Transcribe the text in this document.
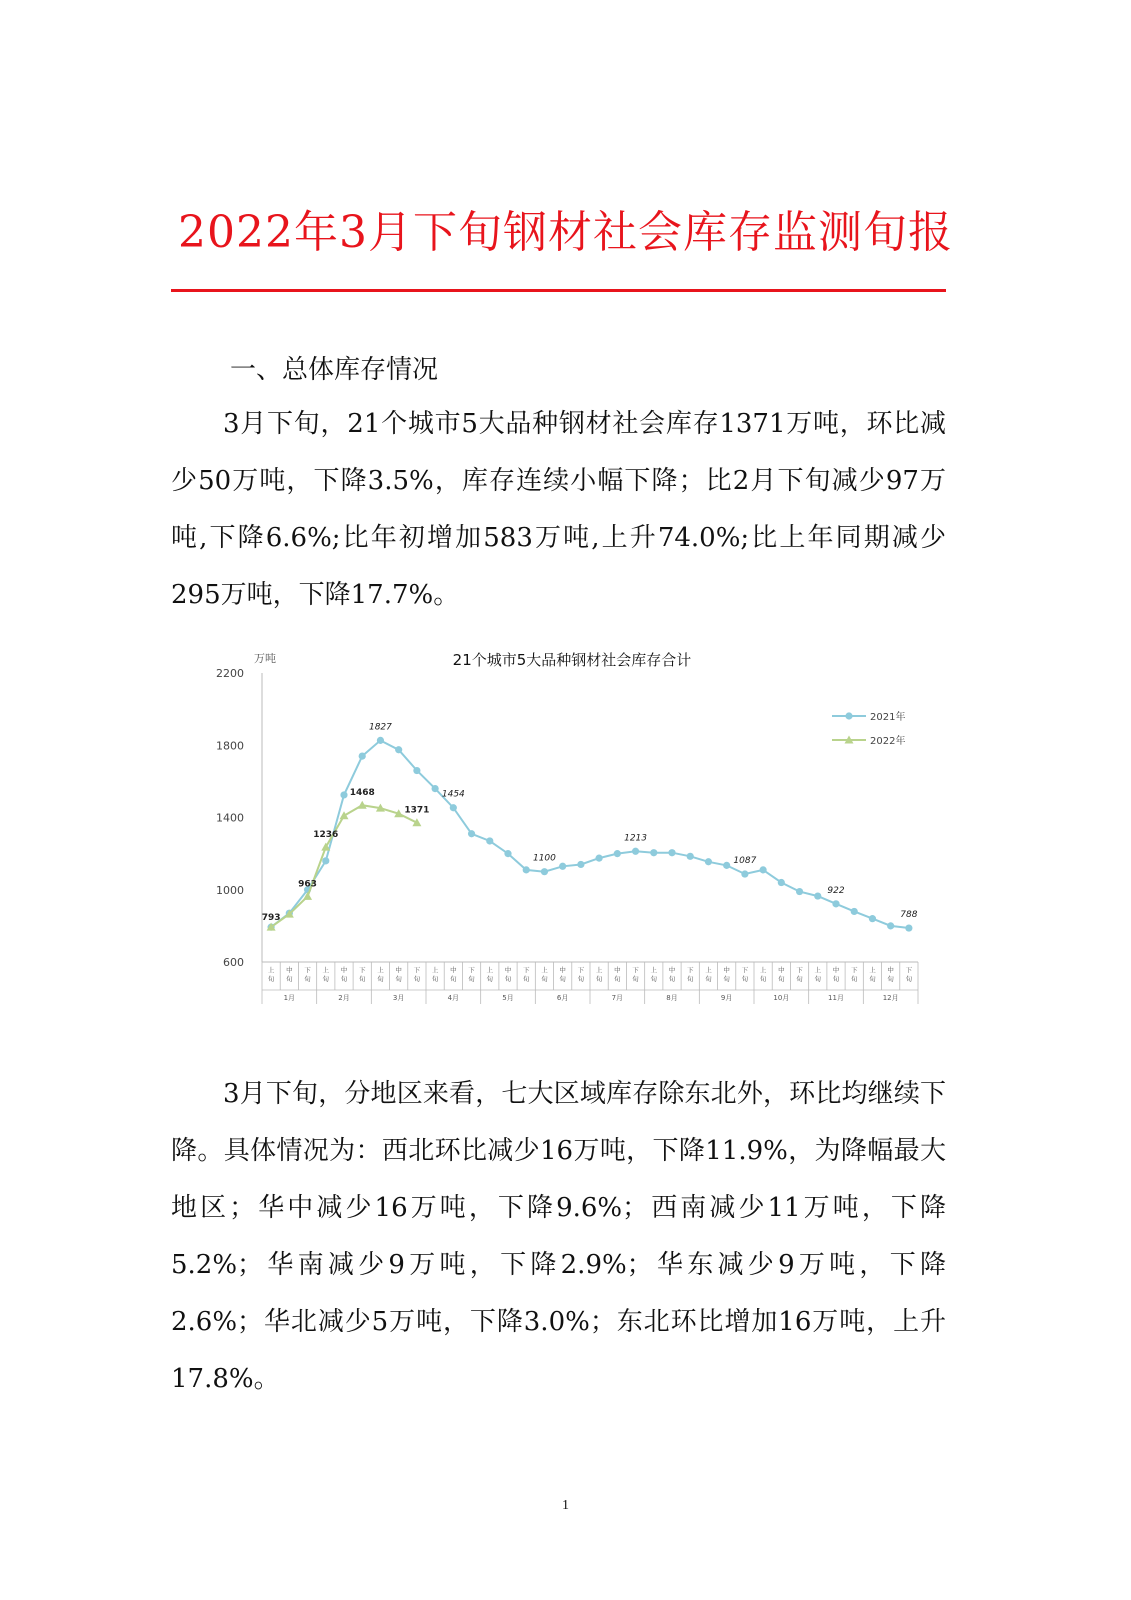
2022年3月下旬钢材社会库存监测旬报
一、总体库存情况

3月下旬，21个城市5大品种钢材社会库存1371万吨，环比减少50万吨，下降3.5%，库存连续小幅下降；比2月下旬减少97万吨,下降6.6%;比年初增加583万吨,上升74.0%;比上年同期减少295万吨，下降17.7%。

21个城市5大品种钢材社会库存合计
万吨
600
1000
1400
1800
2200
上
旬
中
旬
下
旬
上
旬
中
旬
下
旬
上
旬
中
旬
下
旬
上
旬
中
旬
下
旬
上
旬
中
旬
下
旬
上
旬
中
旬
下
旬
上
旬
中
旬
下
旬
上
旬
中
旬
下
旬
上
旬
中
旬
下
旬
上
旬
中
旬
下
旬
上
旬
中
旬
下
旬
上
旬
中
旬
下
旬
1月	2月	3月	4月	5月	6月	7月	8月	9月	10月	11月	12月
1827
1454
1100
1213
1087
922
788
793
963
1236
1468
1371
2021年
2022年

3月下旬，分地区来看，七大区域库存除东北外，环比均继续下降。具体情况为：西北环比减少16万吨，下降11.9%，为降幅最大地区；华中减少16万吨，下降9.6%；西南减少11万吨，下降5.2%；华南减少9万吨，下降2.9%；华东减少9万吨，下降2.6%；华北减少5万吨，下降3.0%；东北环比增加16万吨，上升17.8%。

1
